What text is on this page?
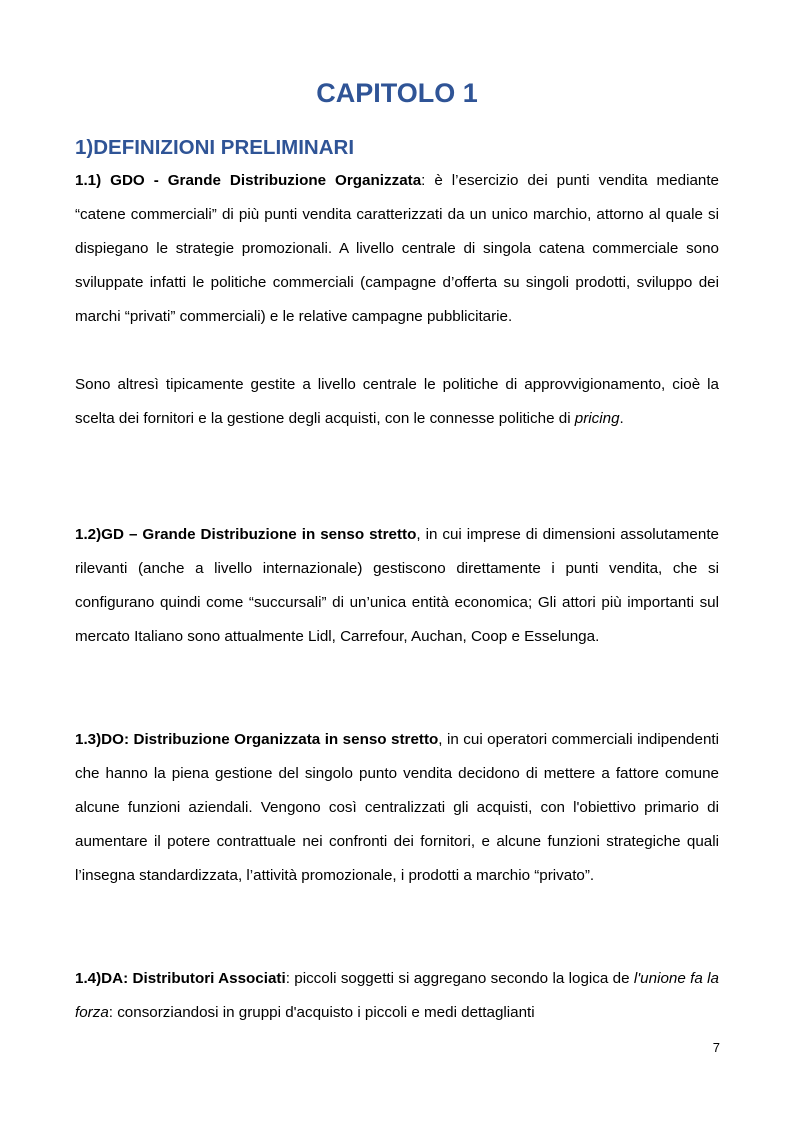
CAPITOLO 1
1)DEFINIZIONI PRELIMINARI

1.1) GDO - Grande Distribuzione Organizzata: è l’esercizio dei punti vendita mediante “catene commerciali” di più punti vendita caratterizzati da un unico marchio, attorno al quale si dispiegano le strategie promozionali. A livello centrale di singola catena commerciale sono sviluppate infatti le politiche commerciali (campagne d’offerta su singoli prodotti, sviluppo dei marchi “privati” commerciali) e le relative campagne pubblicitarie.

Sono altresì tipicamente gestite a livello centrale le politiche di approvvigionamento, cioè la scelta dei fornitori e la gestione degli acquisti, con le connesse politiche di pricing.

1.2)GD – Grande Distribuzione in senso stretto, in cui imprese di dimensioni assolutamente rilevanti (anche a livello internazionale) gestiscono direttamente i punti vendita, che si configurano quindi come “succursali” di un’unica entità economica; Gli attori più importanti sul mercato Italiano sono attualmente Lidl, Carrefour, Auchan, Coop e Esselunga.

1.3)DO: Distribuzione Organizzata in senso stretto, in cui operatori commerciali indipendenti che hanno la piena gestione del singolo punto vendita decidono di mettere a fattore comune alcune funzioni aziendali. Vengono così centralizzati gli acquisti, con l'obiettivo primario di aumentare il potere contrattuale nei confronti dei fornitori, e alcune funzioni strategiche quali l’insegna standardizzata, l’attività promozionale, i prodotti a marchio “privato”.

1.4)DA: Distributori Associati: piccoli soggetti si aggregano secondo la logica de l'unione fa la forza: consorziandosi in gruppi d'acquisto i piccoli e medi dettaglianti

7
